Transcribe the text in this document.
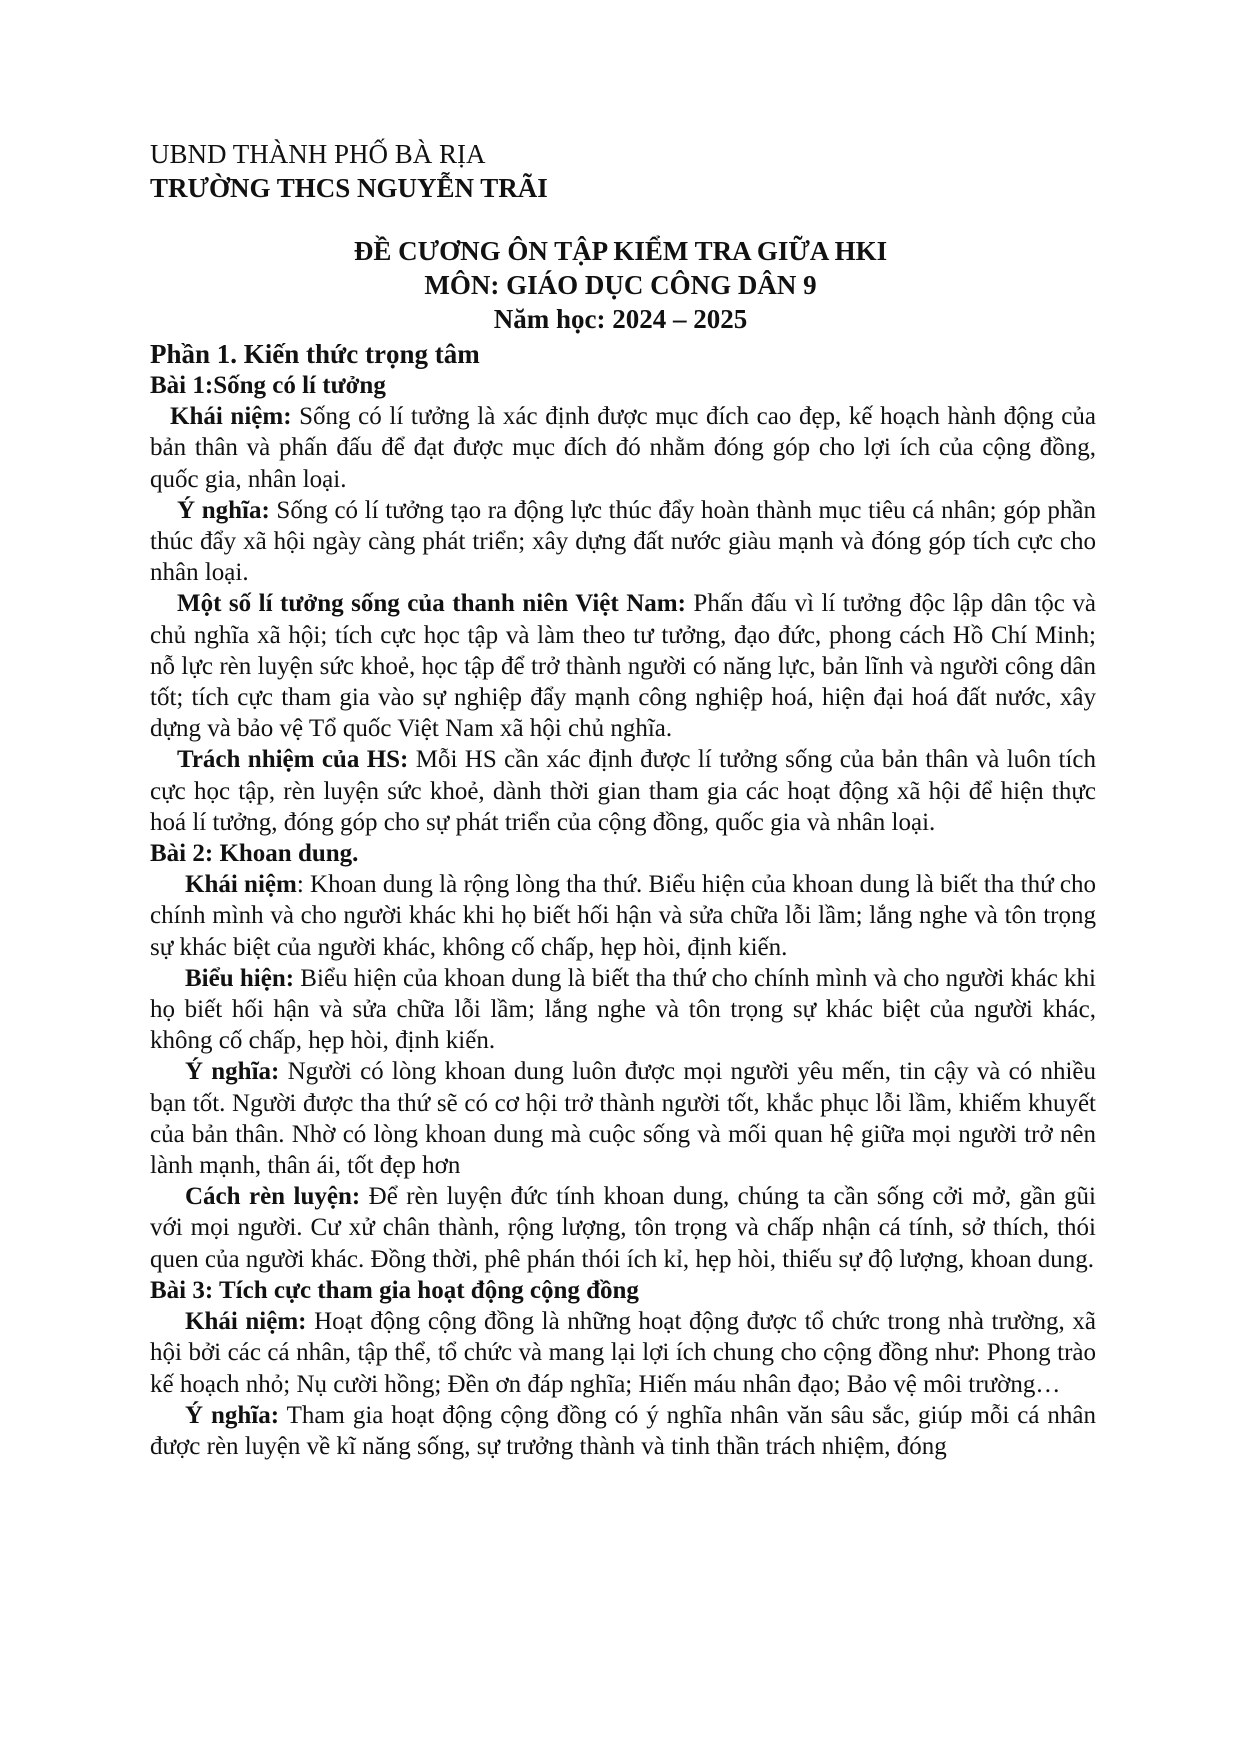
UBND THÀNH PHỐ BÀ RỊA
TRƯỜNG THCS NGUYỄN TRÃI
ĐỀ CƯƠNG ÔN TẬP KIỂM TRA GIỮA HKI
MÔN: GIÁO DỤC CÔNG DÂN 9
Năm học: 2024 – 2025
Phần 1. Kiến thức trọng tâm
Bài 1:Sống có lí tưởng

Khái niệm: Sống có lí tưởng là xác định được mục đích cao đẹp, kế hoạch hành động của bản thân và phấn đấu để đạt được mục đích đó nhằm đóng góp cho lợi ích của cộng đồng, quốc gia, nhân loại.

Ý nghĩa: Sống có lí tưởng tạo ra động lực thúc đẩy hoàn thành mục tiêu cá nhân; góp phần thúc đẩy xã hội ngày càng phát triển; xây dựng đất nước giàu mạnh và đóng góp tích cực cho nhân loại.

Một số lí tưởng sống của thanh niên Việt Nam: Phấn đấu vì lí tưởng độc lập dân tộc và chủ nghĩa xã hội; tích cực học tập và làm theo tư tưởng, đạo đức, phong cách Hồ Chí Minh; nỗ lực rèn luyện sức khoẻ, học tập để trở thành người có năng lực, bản lĩnh và người công dân tốt; tích cực tham gia vào sự nghiệp đẩy mạnh công nghiệp hoá, hiện đại hoá đất nước, xây dựng và bảo vệ Tổ quốc Việt Nam xã hội chủ nghĩa.

Trách nhiệm của HS: Mỗi HS cần xác định được lí tưởng sống của bản thân và luôn tích cực học tập, rèn luyện sức khoẻ, dành thời gian tham gia các hoạt động xã hội để hiện thực hoá lí tưởng, đóng góp cho sự phát triển của cộng đồng, quốc gia và nhân loại.

Bài 2: Khoan dung.

Khái niệm: Khoan dung là rộng lòng tha thứ. Biểu hiện của khoan dung là biết tha thứ cho chính mình và cho người khác khi họ biết hối hận và sửa chữa lỗi lầm; lắng nghe và tôn trọng sự khác biệt của người khác, không cố chấp, hẹp hòi, định kiến.

Biểu hiện: Biểu hiện của khoan dung là biết tha thứ cho chính mình và cho người khác khi họ biết hối hận và sửa chữa lỗi lầm; lắng nghe và tôn trọng sự khác biệt của người khác, không cố chấp, hẹp hòi, định kiến.

Ý nghĩa: Người có lòng khoan dung luôn được mọi người yêu mến, tin cậy và có nhiều bạn tốt. Người được tha thứ sẽ có cơ hội trở thành người tốt, khắc phục lỗi lầm, khiếm khuyết của bản thân. Nhờ có lòng khoan dung mà cuộc sống và mối quan hệ giữa mọi người trở nên lành mạnh, thân ái, tốt đẹp hơn

Cách rèn luyện: Để rèn luyện đức tính khoan dung, chúng ta cần sống cởi mở, gần gũi với mọi người. Cư xử chân thành, rộng lượng, tôn trọng và chấp nhận cá tính, sở thích, thói quen của người khác. Đồng thời, phê phán thói ích kỉ, hẹp hòi, thiếu sự độ lượng, khoan dung.

Bài 3: Tích cực tham gia hoạt động cộng đồng

Khái niệm: Hoạt động cộng đồng là những hoạt động được tổ chức trong nhà trường, xã hội bởi các cá nhân, tập thể, tổ chức và mang lại lợi ích chung cho cộng đồng như: Phong trào kế hoạch nhỏ; Nụ cười hồng; Đền ơn đáp nghĩa; Hiến máu nhân đạo; Bảo vệ môi trường…

Ý nghĩa: Tham gia hoạt động cộng đồng có ý nghĩa nhân văn sâu sắc, giúp mỗi cá nhân được rèn luyện về kĩ năng sống, sự trưởng thành và tinh thần trách nhiệm, đóng
